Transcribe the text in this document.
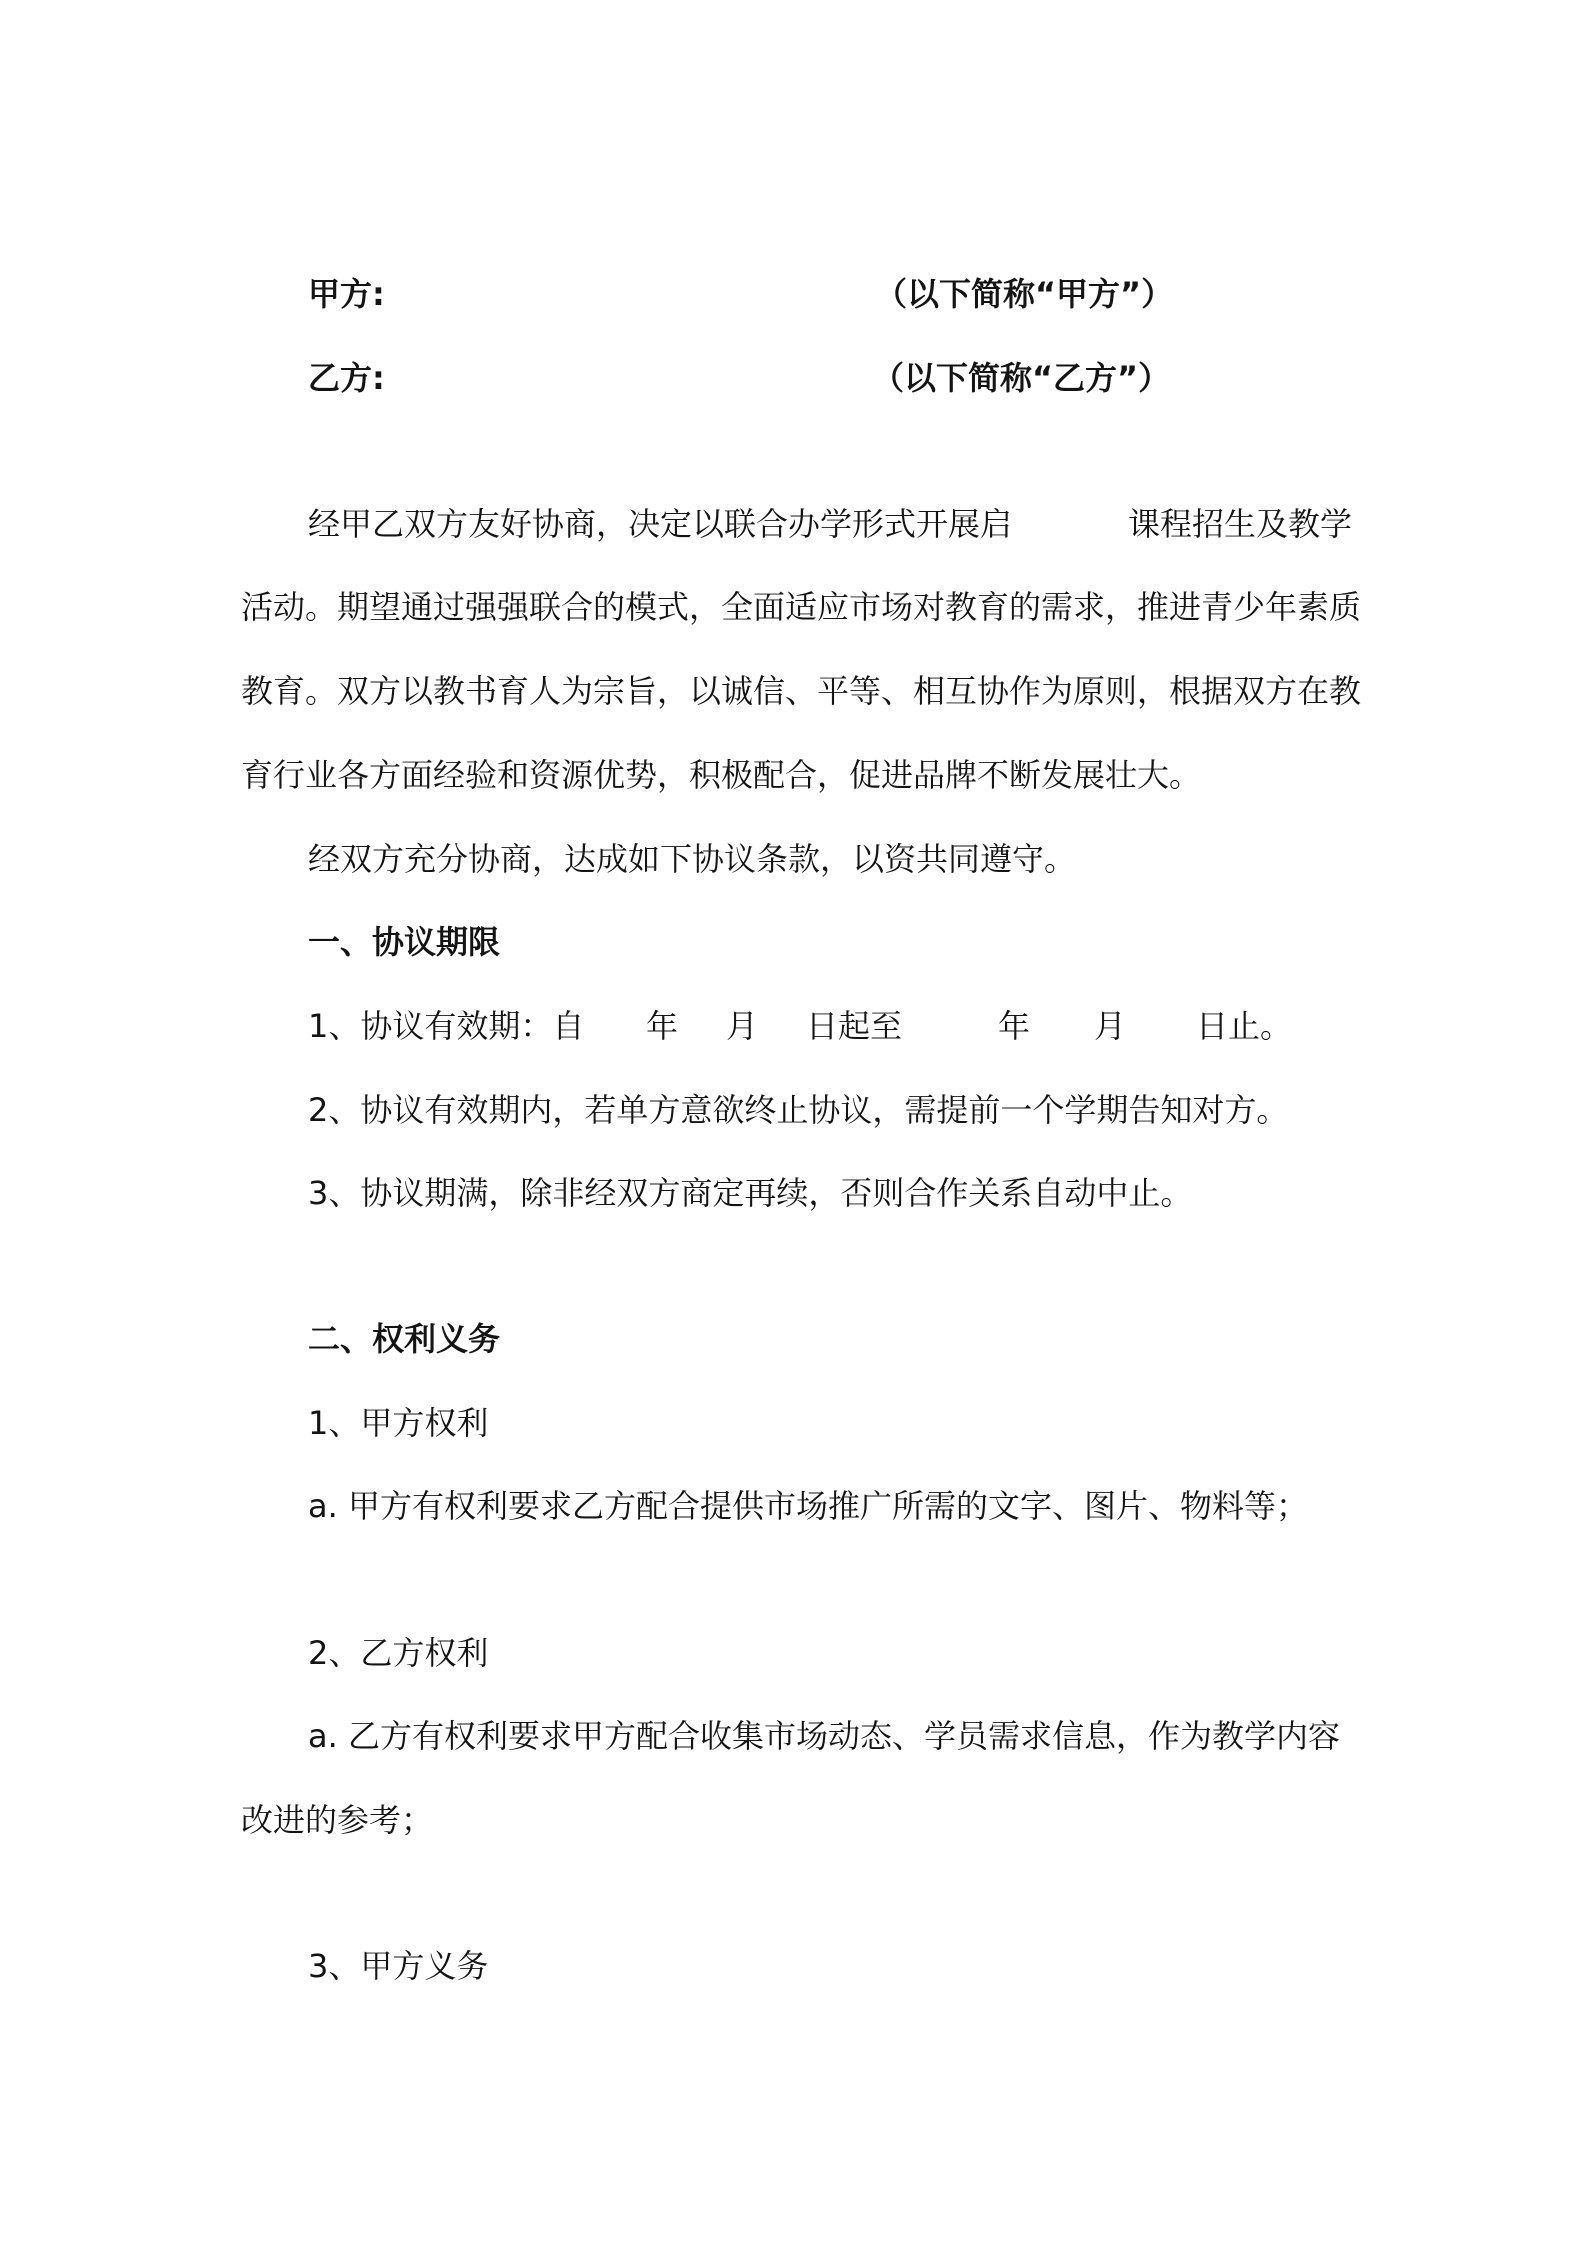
甲方:	（以下简称“甲方”）

乙方:	（以下简称“乙方”）

经甲乙双方友好协商，决定以联合办学形式开展启	课程招生及教学

活动。期望通过强强联合的模式，全面适应市场对教育的需求，推进青少年素质

教育。双方以教书育人为宗旨，以诚信、平等、相互协作为原则，根据双方在教

育行业各方面经验和资源优势，积极配合，促进品牌不断发展壮大。

经双方充分协商，达成如下协议条款，以资共同遵守。

一、协议期限

1、协议有效期：自 年 月 日起至	年 月 日止。

2、协议有效期内，若单方意欲终止协议，需提前一个学期告知对方。

3、协议期满，除非经双方商定再续，否则合作关系自动中止。

二、权利义务

1、甲方权利

a. 甲方有权利要求乙方配合提供市场推广所需的文字、图片、物料等；

2、乙方权利

a. 乙方有权利要求甲方配合收集市场动态、学员需求信息，作为教学内容

改进的参考；

3、甲方义务
